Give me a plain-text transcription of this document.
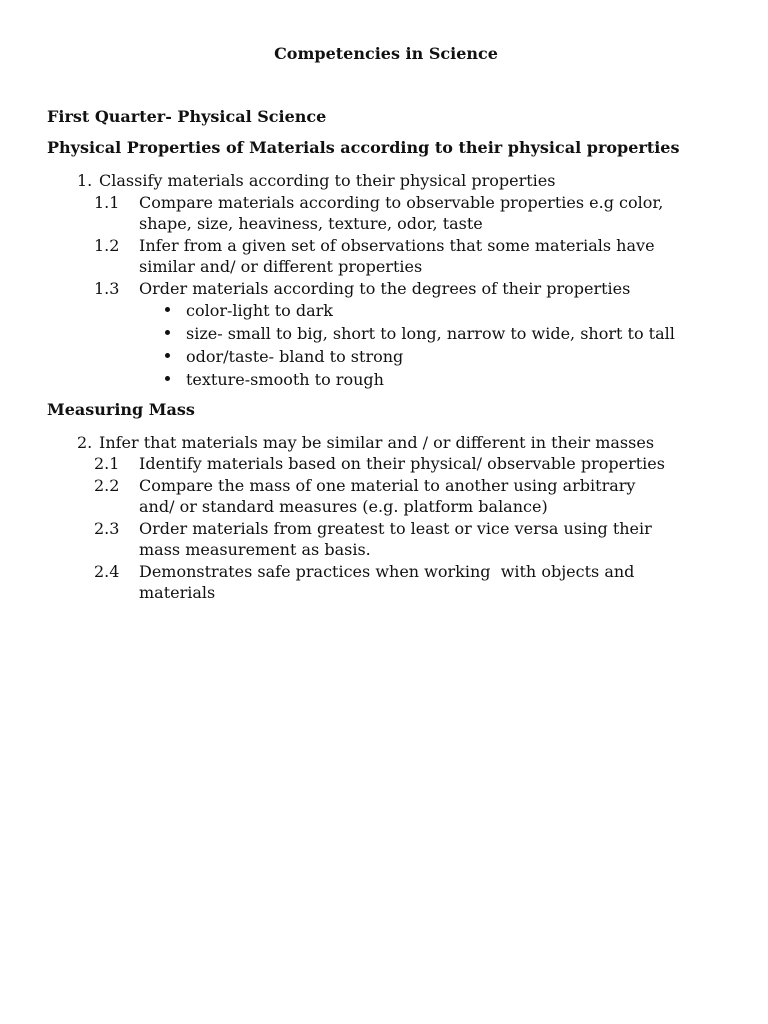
Competencies in Science
First Quarter- Physical Science
Physical Properties of Materials according to their physical properties
1. Classify materials according to their physical properties
1.1 Compare materials according to observable properties e.g color,
shape, size, heaviness, texture, odor, taste
1.2 Infer from a given set of observations that some materials have
similar and/ or different properties
1.3 Order materials according to the degrees of their properties
color-light to dark
size- small to big, short to long, narrow to wide, short to tall
odor/taste- bland to strong
texture-smooth to rough
Measuring Mass
2. Infer that materials may be similar and / or different in their masses
2.1 Identify materials based on their physical/ observable properties
2.2 Compare the mass of one material to another using arbitrary
and/ or standard measures (e.g. platform balance)
2.3 Order materials from greatest to least or vice versa using their
mass measurement as basis.
2.4 Demonstrates safe practices when working  with objects and
materials
